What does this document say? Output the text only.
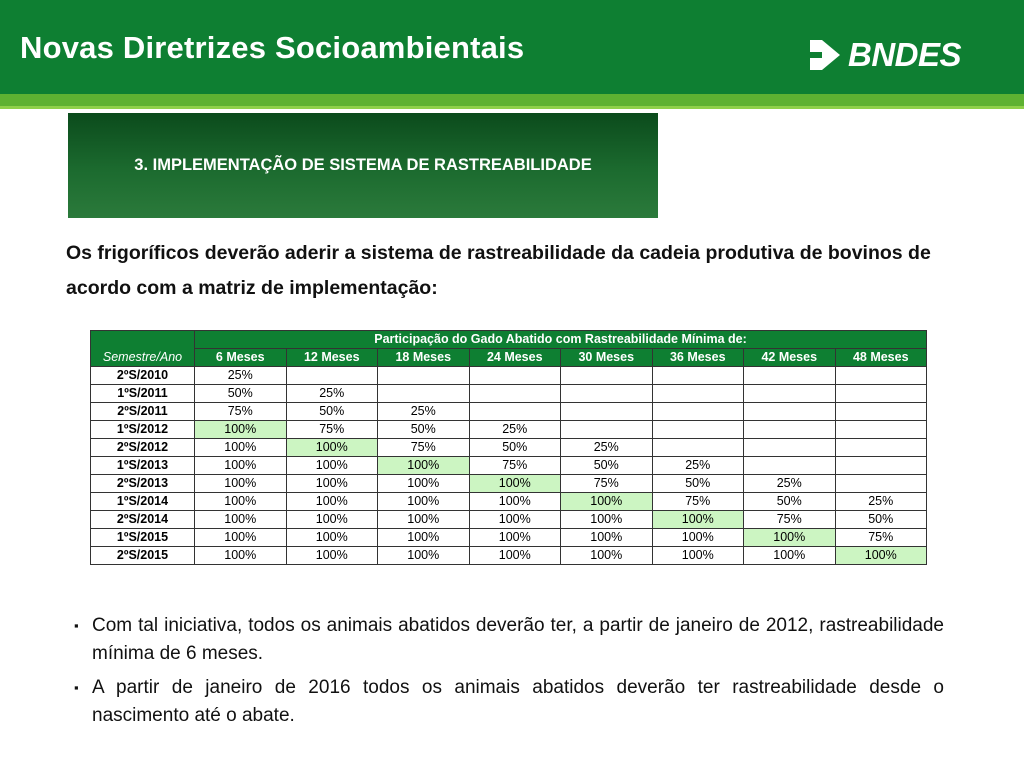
Novas Diretrizes Socioambientais	BNDES
3. IMPLEMENTAÇÃO DE SISTEMA DE RASTREABILIDADE
Os frigoríficos deverão aderir a sistema de rastreabilidade da cadeia produtiva de bovinos de acordo com a matriz de implementação:
Semestre/Ano	Participação do Gado Abatido com Rastreabilidade Mínima de:							
	6 Meses	12 Meses	18 Meses	24 Meses	30 Meses	36 Meses	42 Meses	48 Meses
2ºS/2010	25%							
1ºS/2011	50%	25%						
2ºS/2011	75%	50%	25%					
1ºS/2012	100%	75%	50%	25%				
2ºS/2012	100%	100%	75%	50%	25%			
1ºS/2013	100%	100%	100%	75%	50%	25%		
2ºS/2013	100%	100%	100%	100%	75%	50%	25%	
1ºS/2014	100%	100%	100%	100%	100%	75%	50%	25%
2ºS/2014	100%	100%	100%	100%	100%	100%	75%	50%
1ºS/2015	100%	100%	100%	100%	100%	100%	100%	75%
2ºS/2015	100%	100%	100%	100%	100%	100%	100%	100%
▪ Com tal iniciativa, todos os animais abatidos deverão ter, a partir de janeiro de 2012, rastreabilidade mínima de 6 meses.
▪ A partir de janeiro de 2016 todos os animais abatidos deverão ter rastreabilidade desde o nascimento até o abate.
